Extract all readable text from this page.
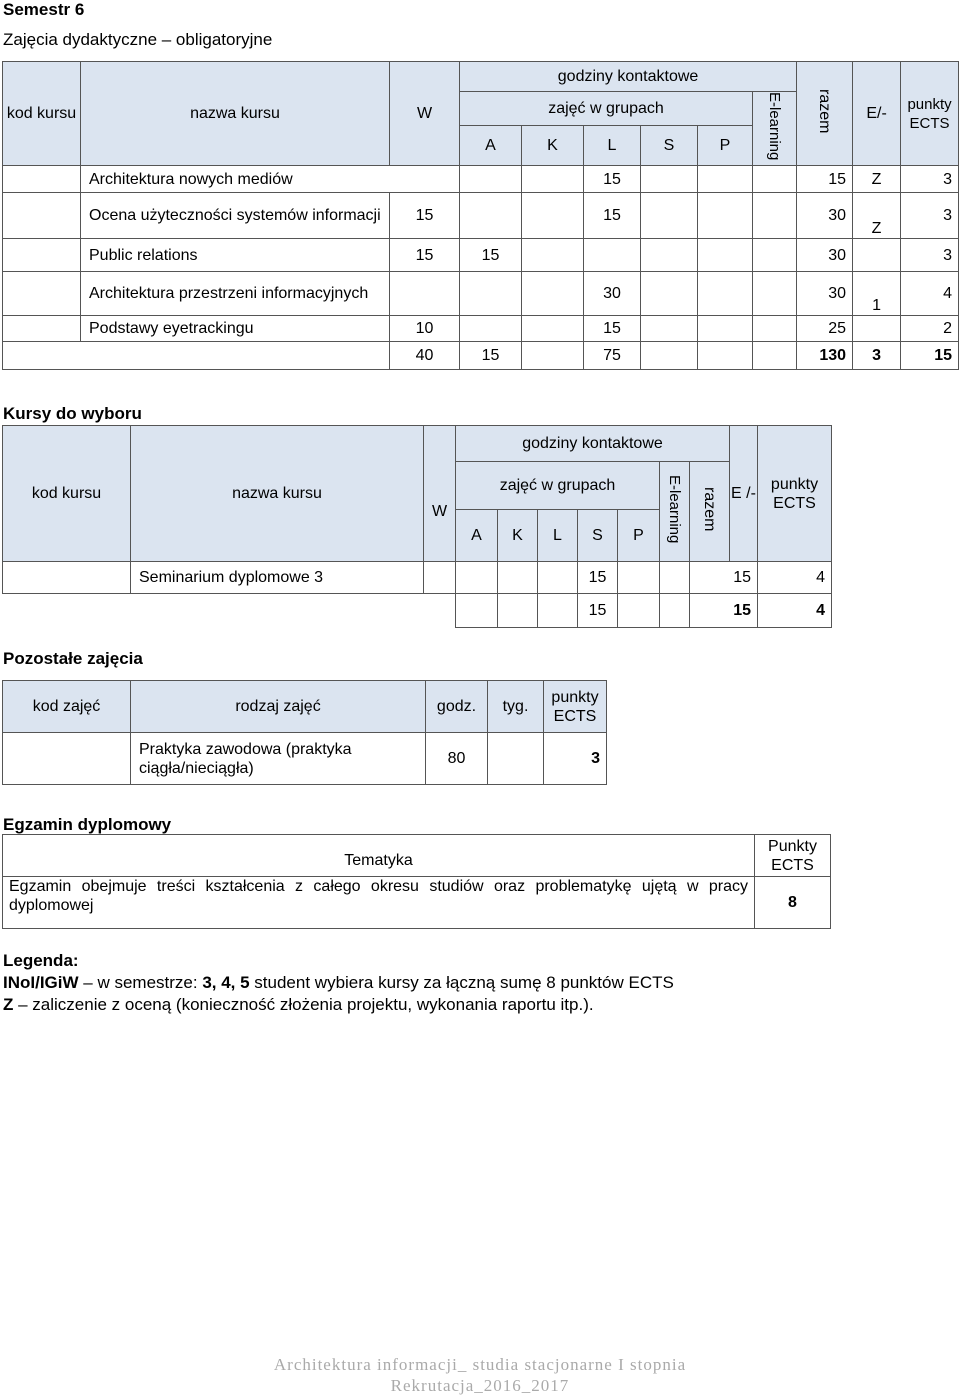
Semestr 6
Zajęcia dydaktyczne – obligatoryjne
kod kursu	nazwa kursu	W	godziny kontaktowe						razem	E/-	punkty ECTS
			zajęć w grupach					E-learning			
			A	K	L	S	P				
	Architektura nowych mediów				15				15	Z	3
	Ocena użyteczności systemów informacji	15			15				30	Z	3
	Public relations	15	15						30		3
	Architektura przestrzeni informacyjnych				30				30	1	4
	Podstawy eyetrackingu	10			15				25		2
		40	15		75				130	3	15
Kursy do wyboru
kod kursu	nazwa kursu	W	godziny kontaktowe							E /-	punkty ECTS
			zajęć w grupach					E-learning	razem		
			A	K	L	S	P				
	Seminarium dyplomowe 3					15			15		4
						15			15		4
Pozostałe zajęcia
kod zajęć	rodzaj zajęć	godz.	tyg.	punkty ECTS
	Praktyka zawodowa (praktyka ciągła/nieciągła)	80		3
Egzamin dyplomowy
Tematyka	Punkty ECTS
Egzamin obejmuje treści kształcenia z całego okresu studiów oraz problematykę ujętą w pracy dyplomowej	8
Legenda:
INoI/IGiW – w semestrze: 3, 4, 5 student wybiera kursy za łączną sumę 8 punktów ECTS
Z – zaliczenie z oceną (konieczność złożenia projektu, wykonania raportu itp.).
Architektura informacji_ studia stacjonarne I stopnia
Rekrutacja_2016_2017
